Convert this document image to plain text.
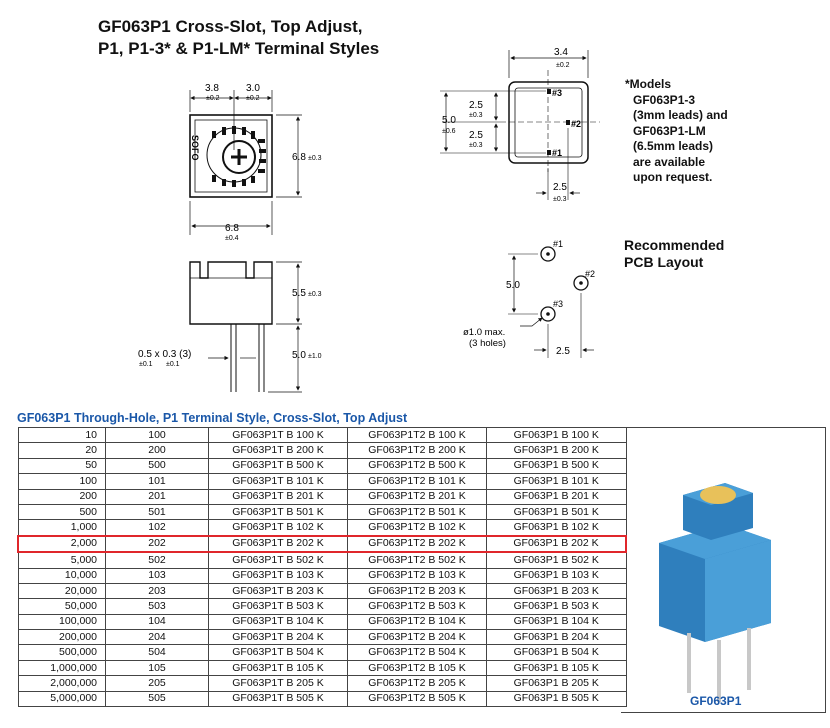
GF063P1 Cross-Slot, Top Adjust,
P1, P1-3* & P1-LM* Terminal Styles
*Models
GF063P1-3
(3mm leads) and
GF063P1-LM
(6.5mm leads)
are available
upon request.
Recommended
PCB Layout
SOFO
3.8
±0.2
3.0
±0.2
6.8 ±0.3
6.8
±0.4
5.5 ±0.3
5.0 ±1.0
0.5 x 0.3 (3)
±0.1 ±0.1
3.4
±0.2
5.0
±0.6
2.5
±0.3
2.5
±0.3
2.5
±0.3
#3
#2
#1
#1
#2
#3
5.0
2.5
ø1.0 max.
(3 holes)
GF063P1 Through-Hole, P1 Terminal Style, Cross-Slot, Top Adjust
10	100	GF063P1T B 100 K	GF063P1T2 B 100 K	GF063P1 B 100 K
20	200	GF063P1T B 200 K	GF063P1T2 B 200 K	GF063P1 B 200 K
50	500	GF063P1T B 500 K	GF063P1T2 B 500 K	GF063P1 B 500 K
100	101	GF063P1T B 101 K	GF063P1T2 B 101 K	GF063P1 B 101 K
200	201	GF063P1T B 201 K	GF063P1T2 B 201 K	GF063P1 B 201 K
500	501	GF063P1T B 501 K	GF063P1T2 B 501 K	GF063P1 B 501 K
1,000	102	GF063P1T B 102 K	GF063P1T2 B 102 K	GF063P1 B 102 K
2,000	202	GF063P1T B 202 K	GF063P1T2 B 202 K	GF063P1 B 202 K
5,000	502	GF063P1T B 502 K	GF063P1T2 B 502 K	GF063P1 B 502 K
10,000	103	GF063P1T B 103 K	GF063P1T2 B 103 K	GF063P1 B 103 K
20,000	203	GF063P1T B 203 K	GF063P1T2 B 203 K	GF063P1 B 203 K
50,000	503	GF063P1T B 503 K	GF063P1T2 B 503 K	GF063P1 B 503 K
100,000	104	GF063P1T B 104 K	GF063P1T2 B 104 K	GF063P1 B 104 K
200,000	204	GF063P1T B 204 K	GF063P1T2 B 204 K	GF063P1 B 204 K
500,000	504	GF063P1T B 504 K	GF063P1T2 B 504 K	GF063P1 B 504 K
1,000,000	105	GF063P1T B 105 K	GF063P1T2 B 105 K	GF063P1 B 105 K
2,000,000	205	GF063P1T B 205 K	GF063P1T2 B 205 K	GF063P1 B 205 K
5,000,000	505	GF063P1T B 505 K	GF063P1T2 B 505 K	GF063P1 B 505 K	GF063P1
